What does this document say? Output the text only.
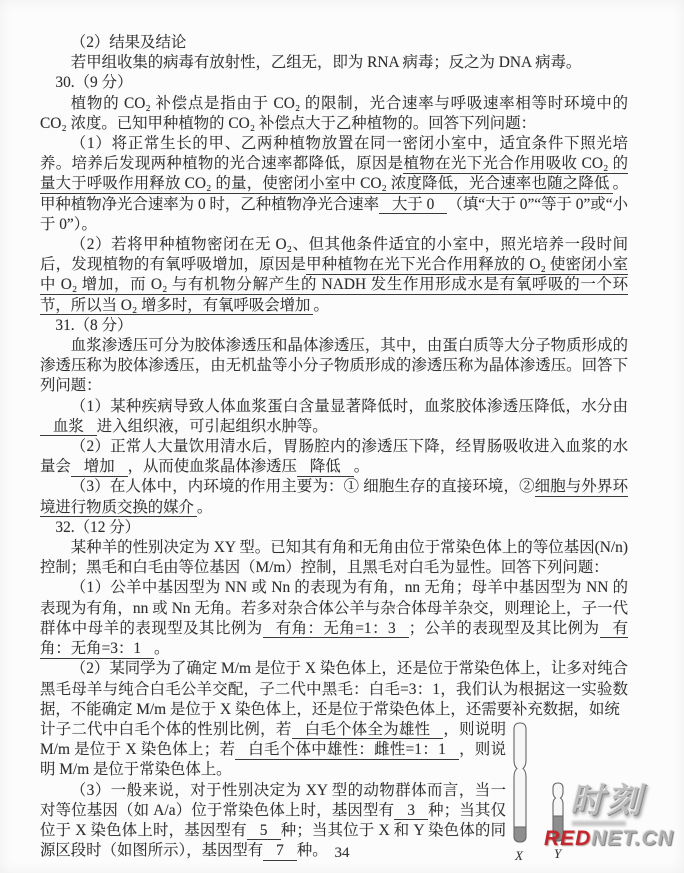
（2）结果及结论

若甲组收集的病毒有放射性，乙组无，即为 RNA 病毒；反之为 DNA 病毒。

30.（9 分）

植物的 CO₂ 补偿点是指由于 CO₂ 的限制，光合速率与呼吸速率相等时环境中的 CO₂ 浓度。已知甲种植物的 CO₂ 补偿点大于乙种植物的。回答下列问题：

（1）将正常生长的甲、乙两种植物放置在同一密闭小室中，适宜条件下照光培养。培养后发现两种植物的光合速率都降低，原因是植物在光下光合作用吸收 CO₂ 的量大于呼吸作用释放 CO₂ 的量，使密闭小室中 CO₂ 浓度降低，光合速率也随之降低 。甲种植物净光合速率为 0 时，乙种植物净光合速率 大于 0 （填“大于 0”“等于 0”或“小于 0”）。

（2）若将甲种植物密闭在无 O₂、但其他条件适宜的小室中，照光培养一段时间后，发现植物的有氧呼吸增加，原因是甲种植物在光下光合作用释放的 O₂ 使密闭小室中 O₂ 增加，而 O₂ 与有机物分解产生的 NADH 发生作用形成水是有氧呼吸的一个环节，所以当 O₂ 增多时，有氧呼吸会增加 。

31.（8 分）

血浆渗透压可分为胶体渗透压和晶体渗透压，其中，由蛋白质等大分子物质形成的渗透压称为胶体渗透压，由无机盐等小分子物质形成的渗透压称为晶体渗透压。回答下列问题：

（1）某种疾病导致人体血浆蛋白含量显著降低时，血浆胶体渗透压降低，水分由血浆 进入组织液，可引起组织水肿等。

（2）正常人大量饮用清水后，胃肠腔内的渗透压下降，经胃肠吸收进入血浆的水量会 增加 ，从而使血浆晶体渗透压 降低 。

（3）在人体中，内环境的作用主要为：① 细胞生存的直接环境，②细胞与外界环境进行物质交换的媒介 。

32.（12 分）

某种羊的性别决定为 XY 型。已知其有角和无角由位于常染色体上的等位基因(N/n)控制；黑毛和白毛由等位基因（M/m）控制，且黑毛对白毛为显性。回答下列问题：

（1）公羊中基因型为 NN 或 Nn 的表现为有角，nn 无角；母羊中基因型为 NN 的表现为有角，nn 或 Nn 无角。若多对杂合体公羊与杂合体母羊杂交，则理论上，子一代群体中母羊的表现型及其比例为 有角：无角=1：3 ；公羊的表现型及其比例为 有角：无角=3：1 。

（2）某同学为了确定 M/m 是位于 X 染色体上，还是位于常染色体上，让多对纯合黑毛母羊与纯合白毛公羊交配，子二代中黑毛：白毛=3：1，我们认为根据这一实验数据，不能确定 M/m 是位于 X 染色体上，还是位于常染色体上，还需要补充数据，如统

计子二代中白毛个体的性别比例，若 白毛个体全为雄性 ，则说明 M/m 是位于 X 染色体上；若 白毛个体中雄性：雌性=1：1 ，则说明 M/m 是位于常染色体上。

（3）一般来说，对于性别决定为 XY 型的动物群体而言，当一对等位基因（如 A/a）位于常染色体上时，基因型有 3 种；当其仅位于 X 染色体上时，基因型有 5 种；当其位于 X 和 Y 染色体的同源区段时（如图所示），基因型有 7 种。	X Y
时刻
REDNET.CN
34
